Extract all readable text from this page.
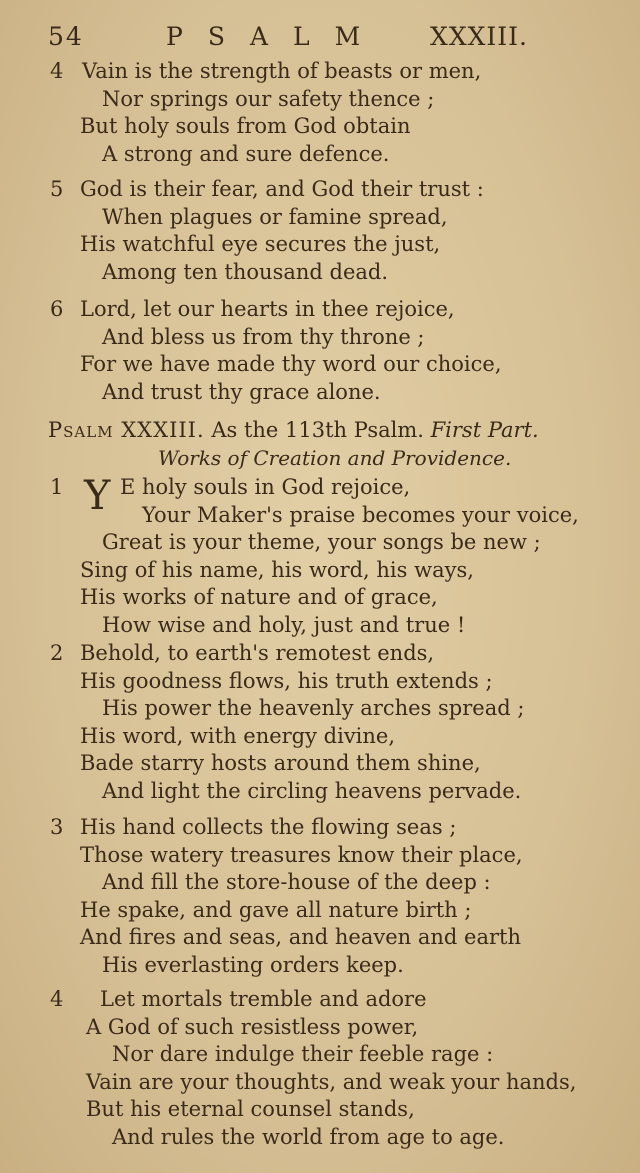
54	PSALM XXXIII.
4 Vain is the strength of beasts or men,
Nor springs our safety thence ;
But holy souls from God obtain
A strong and sure defence.
5 God is their fear, and God their trust :
When plagues or famine spread,
His watchful eye secures the just,
Among ten thousand dead.
6 Lord, let our hearts in thee rejoice,
And bless us from thy throne ;
For we have made thy word our choice,
And trust thy grace alone.
Psalm XXXIII. As the 113th Psalm. First Part.
Works of Creation and Providence.
1 Y E holy souls in God rejoice,
Your Maker's praise becomes your voice,
Great is your theme, your songs be new ;
Sing of his name, his word, his ways,
His works of nature and of grace,
How wise and holy, just and true !
2 Behold, to earth's remotest ends,
His goodness flows, his truth extends ;
His power the heavenly arches spread ;
His word, with energy divine,
Bade starry hosts around them shine,
And light the circling heavens pervade.
3 His hand collects the flowing seas ;
Those watery treasures know their place,
And fill the store-house of the deep :
He spake, and gave all nature birth ;
And fires and seas, and heaven and earth
His everlasting orders keep.
4	Let mortals tremble and adore
A God of such resistless power,
Nor dare indulge their feeble rage :
Vain are your thoughts, and weak your hands,
But his eternal counsel stands,
And rules the world from age to age.
